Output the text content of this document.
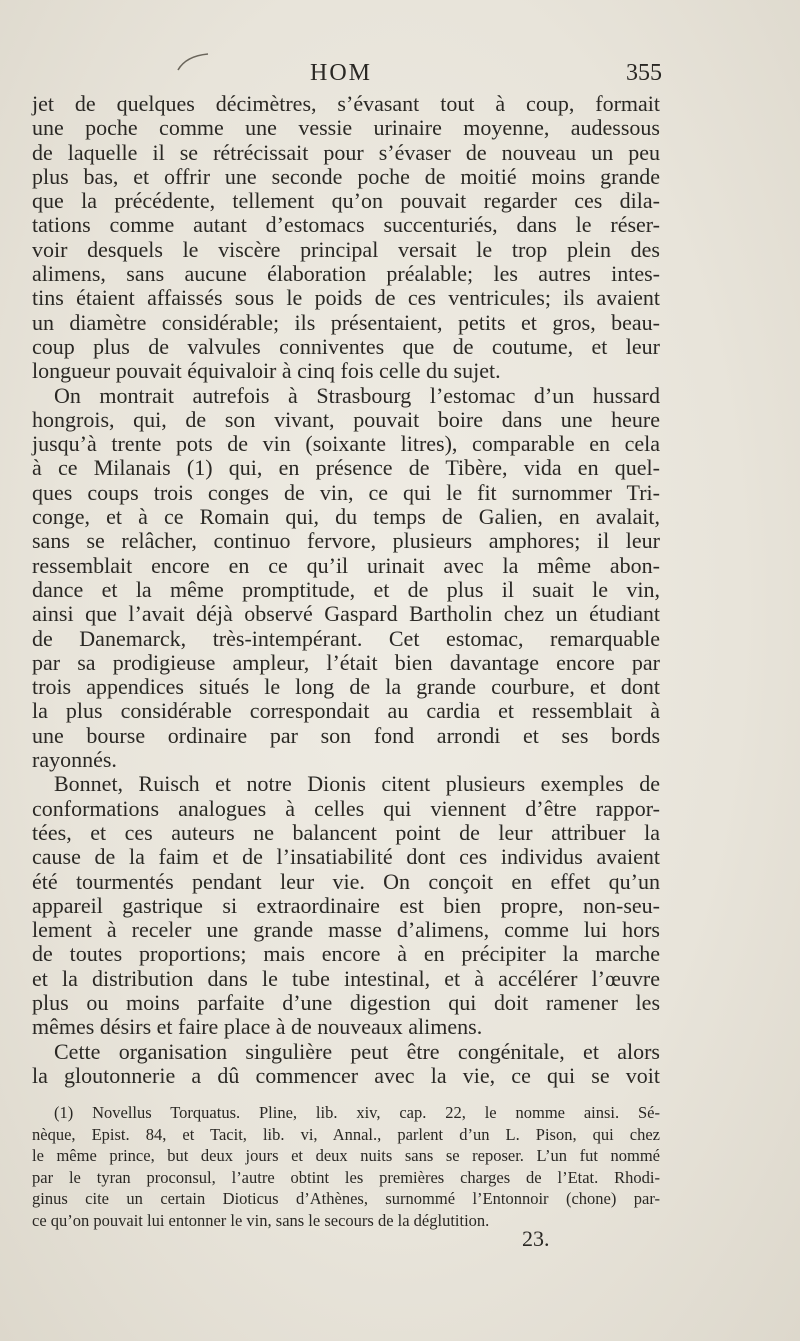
HOM	355
jet de quelques décimètres, s’évasant tout à coup, formait
une poche comme une vessie urinaire moyenne, audessous
de laquelle il se rétrécissait pour s’évaser de nouveau un peu
plus bas, et offrir une seconde poche de moitié moins grande
que la précédente, tellement qu’on pouvait regarder ces dila-
tations comme autant d’estomacs succenturiés, dans le réser-
voir desquels le viscère principal versait le trop plein des
alimens, sans aucune élaboration préalable; les autres intes-
tins étaient affaissés sous le poids de ces ventricules; ils avaient
un diamètre considérable; ils présentaient, petits et gros, beau-
coup plus de valvules conniventes que de coutume, et leur
longueur pouvait équivaloir à cinq fois celle du sujet.
On montrait autrefois à Strasbourg l’estomac d’un hussard
hongrois, qui, de son vivant, pouvait boire dans une heure
jusqu’à trente pots de vin (soixante litres), comparable en cela
à ce Milanais (1) qui, en présence de Tibère, vida en quel-
ques coups trois conges de vin, ce qui le fit surnommer Tri-
conge, et à ce Romain qui, du temps de Galien, en avalait,
sans se relâcher, continuo fervore, plusieurs amphores; il leur
ressemblait encore en ce qu’il urinait avec la même abon-
dance et la même promptitude, et de plus il suait le vin,
ainsi que l’avait déjà observé Gaspard Bartholin chez un étudiant
de Danemarck, très-intempérant. Cet estomac, remarquable
par sa prodigieuse ampleur, l’était bien davantage encore par
trois appendices situés le long de la grande courbure, et dont
la plus considérable correspondait au cardia et ressemblait à
une bourse ordinaire par son fond arrondi et ses bords
rayonnés.
Bonnet, Ruisch et notre Dionis citent plusieurs exemples de
conformations analogues à celles qui viennent d’être rappor-
tées, et ces auteurs ne balancent point de leur attribuer la
cause de la faim et de l’insatiabilité dont ces individus avaient
été tourmentés pendant leur vie. On conçoit en effet qu’un
appareil gastrique si extraordinaire est bien propre, non-seu-
lement à receler une grande masse d’alimens, comme lui hors
de toutes proportions; mais encore à en précipiter la marche
et la distribution dans le tube intestinal, et à accélérer l’œuvre
plus ou moins parfaite d’une digestion qui doit ramener les
mêmes désirs et faire place à de nouveaux alimens.
Cette organisation singulière peut être congénitale, et alors
la gloutonnerie a dû commencer avec la vie, ce qui se voit
(1) Novellus Torquatus. Pline, lib. xiv, cap. 22, le nomme ainsi. Sé-
nèque, Epist. 84, et Tacit, lib. vi, Annal., parlent d’un L. Pison, qui chez
le même prince, but deux jours et deux nuits sans se reposer. L’un fut nommé
par le tyran proconsul, l’autre obtint les premières charges de l’Etat. Rhodi-
ginus cite un certain Dioticus d’Athènes, surnommé l’Entonnoir (chone) par-
ce qu’on pouvait lui entonner le vin, sans le secours de la déglutition.
23.
